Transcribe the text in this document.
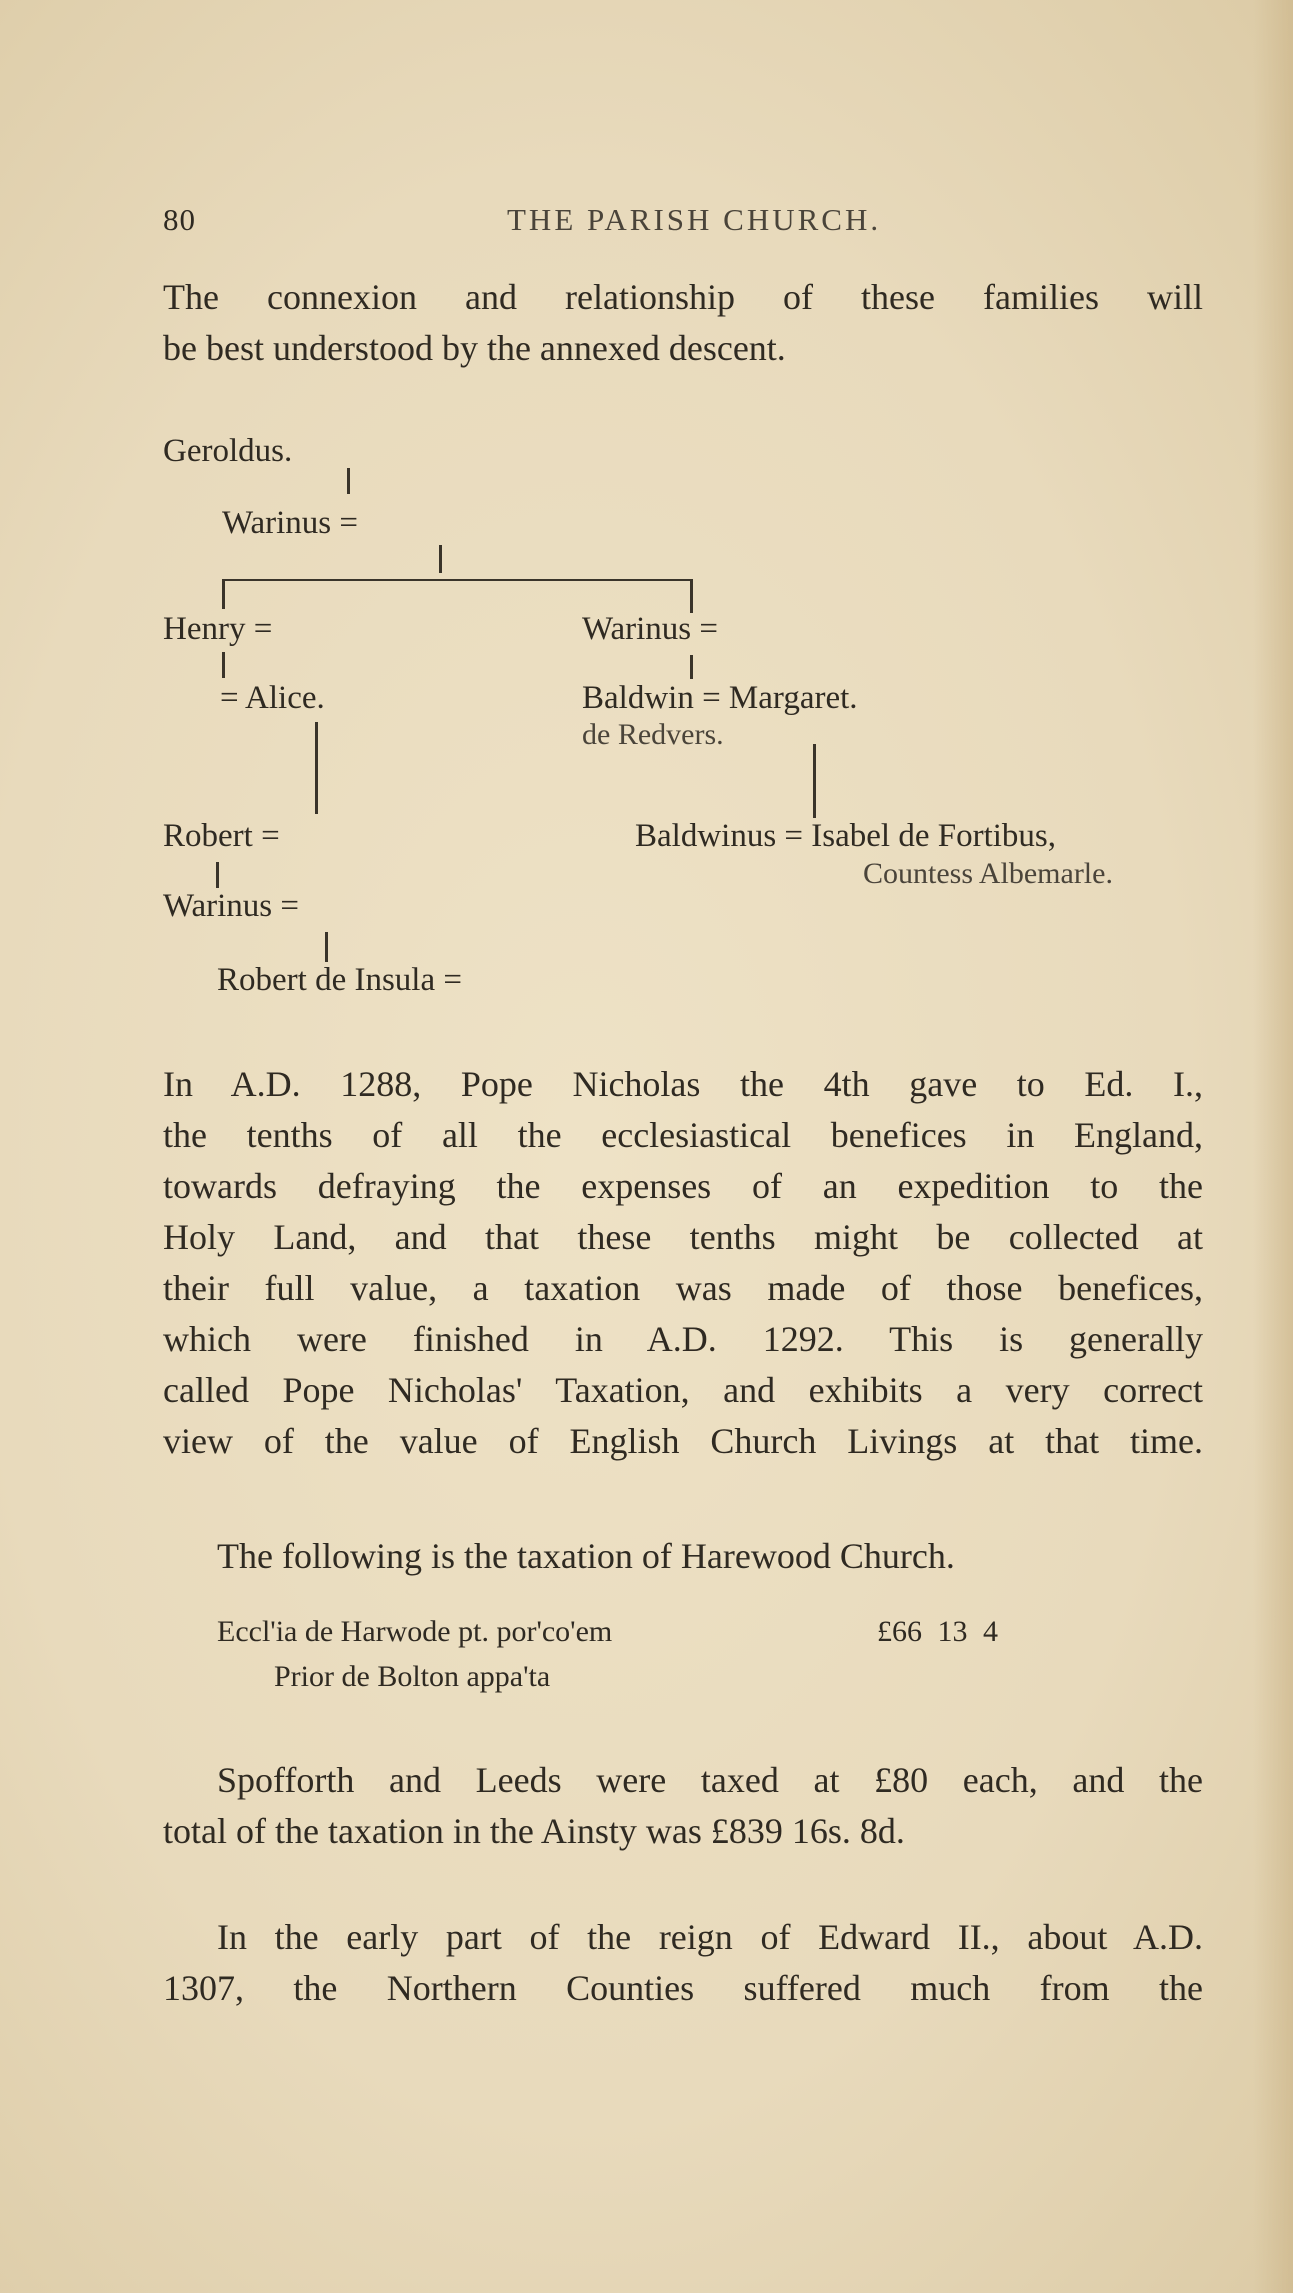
80	THE PARISH CHURCH.
The connexion and relationship of these families will
be best understood by the annexed descent.
Geroldus.
Warinus =
Henry =	Warinus =
= Alice.	Baldwin = Margaret.
de Redvers.
Robert =	Baldwinus = Isabel de Fortibus,
Countess Albemarle.
Warinus =
Robert de Insula =
In A.D. 1288, Pope Nicholas the 4th gave to Ed. I.,
the tenths of all the ecclesiastical benefices in England,
towards defraying the expenses of an expedition to the
Holy Land, and that these tenths might be collected at
their full value, a taxation was made of those benefices,
which were finished in A.D. 1292. This is generally
called Pope Nicholas' Taxation, and exhibits a very correct
view of the value of English Church Livings at that time.
The following is the taxation of Harewood Church.
Eccl'ia de Harwode pt. por'co'em	£66 13 4
Prior de Bolton appa'ta
Spofforth and Leeds were taxed at £80 each, and the
total of the taxation in the Ainsty was £839 16s. 8d.
In the early part of the reign of Edward II., about A.D.
1307, the Northern Counties suffered much from the
